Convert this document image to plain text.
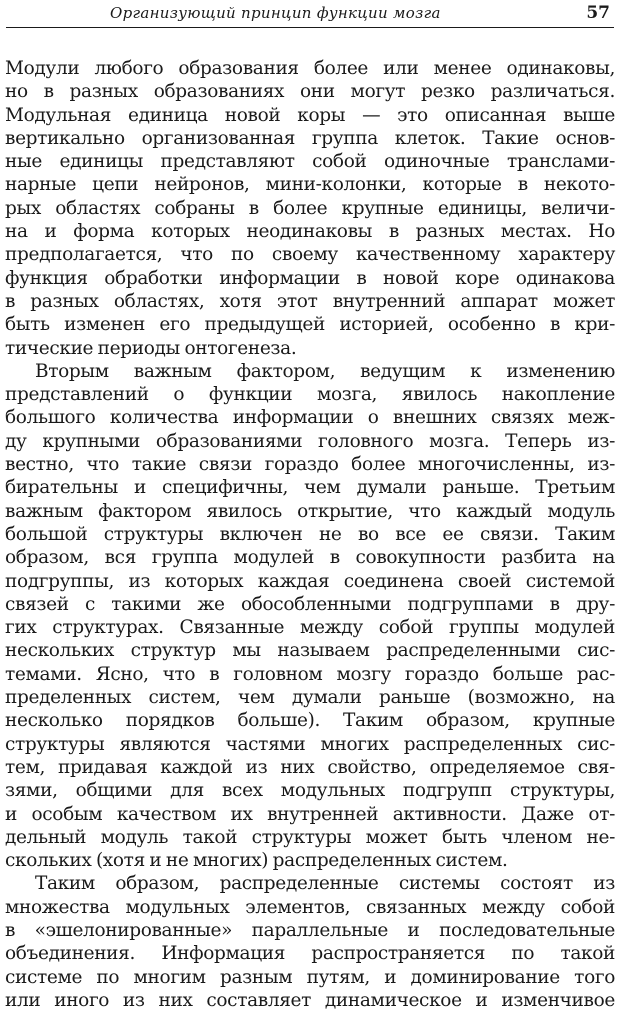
Организующий принцип функции мозга	57
Модули любого образования более или менее одинаковы,
но в разных образованиях они могут резко различаться.
Модульная единица новой коры — это описанная выше
вертикально организованная группа клеток. Такие основ-
ные единицы представляют собой одиночные транслами-
нарные цепи нейронов, мини-колонки, которые в некото-
рых областях собраны в более крупные единицы, величи-
на и форма которых неодинаковы в разных местах. Но
предполагается, что по своему качественному характеру
функция обработки информации в новой коре одинакова
в разных областях, хотя этот внутренний аппарат может
быть изменен его предыдущей историей, особенно в кри-
тические периоды онтогенеза.
Вторым важным фактором, ведущим к изменению
представлений о функции мозга, явилось накопление
большого количества информации о внешних связях меж-
ду крупными образованиями головного мозга. Теперь из-
вестно, что такие связи гораздо более многочисленны, из-
бирательны и специфичны, чем думали раньше. Третьим
важным фактором явилось открытие, что каждый модуль
большой структуры включен не во все ее связи. Таким
образом, вся группа модулей в совокупности разбита на
подгруппы, из которых каждая соединена своей системой
связей с такими же обособленными подгруппами в дру-
гих структурах. Связанные между собой группы модулей
нескольких структур мы называем распределенными сис-
темами. Ясно, что в головном мозгу гораздо больше рас-
пределенных систем, чем думали раньше (возможно, на
несколько порядков больше). Таким образом, крупные
структуры являются частями многих распределенных сис-
тем, придавая каждой из них свойство, определяемое свя-
зями, общими для всех модульных подгрупп структуры,
и особым качеством их внутренней активности. Даже от-
дельный модуль такой структуры может быть членом не-
скольких (хотя и не многих) распределенных систем.
Таким образом, распределенные системы состоят из
множества модульных элементов, связанных между собой
в «эшелонированные» параллельные и последовательные
объединения. Информация распространяется по такой
системе по многим разным путям, и доминирование того
или иного из них составляет динамическое и изменчивое
